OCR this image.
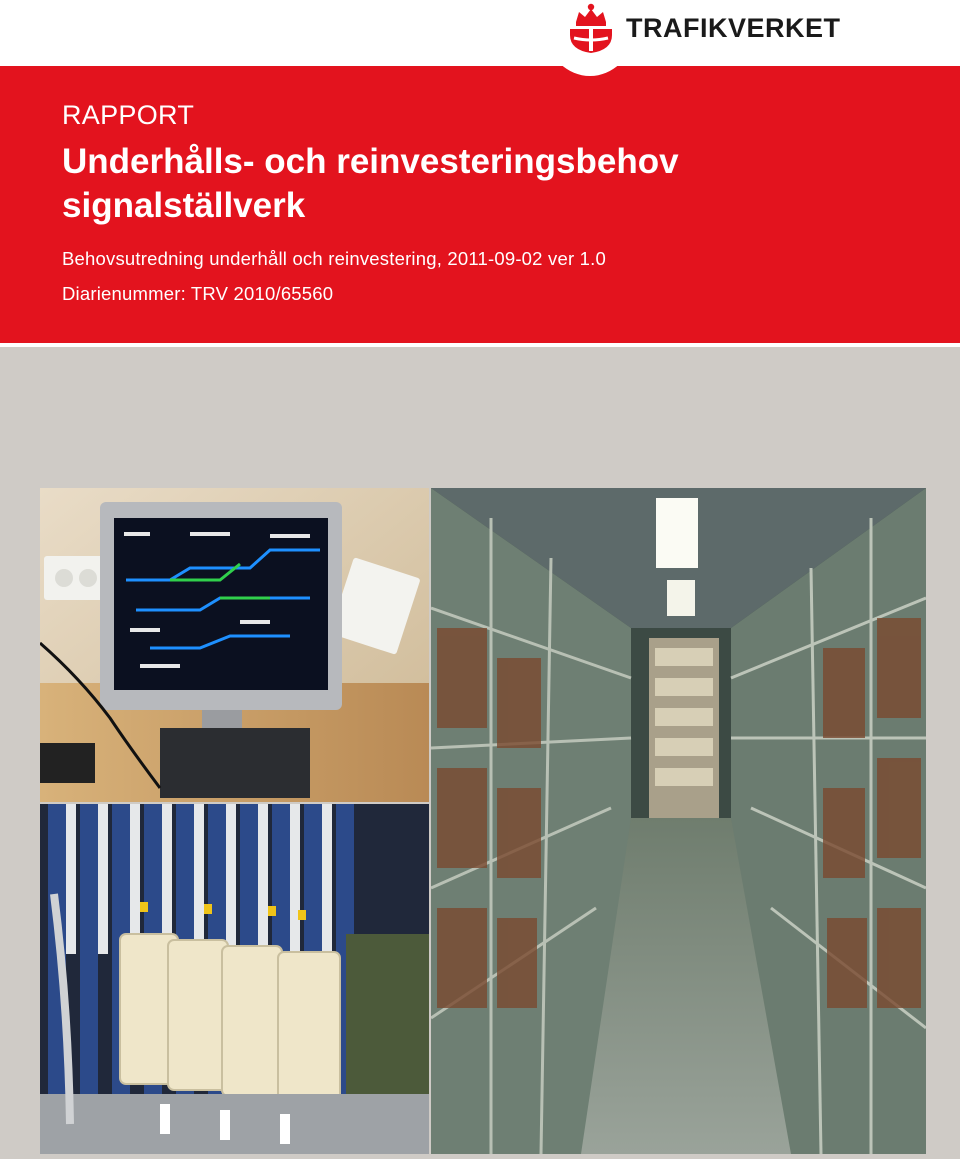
TRAFIKVERKET
RAPPORT
Underhålls- och reinvesteringsbehov signalställverk
Behovsutredning underhåll och reinvestering, 2011-09-02 ver 1.0
Diarienummer: TRV 2010/65560
